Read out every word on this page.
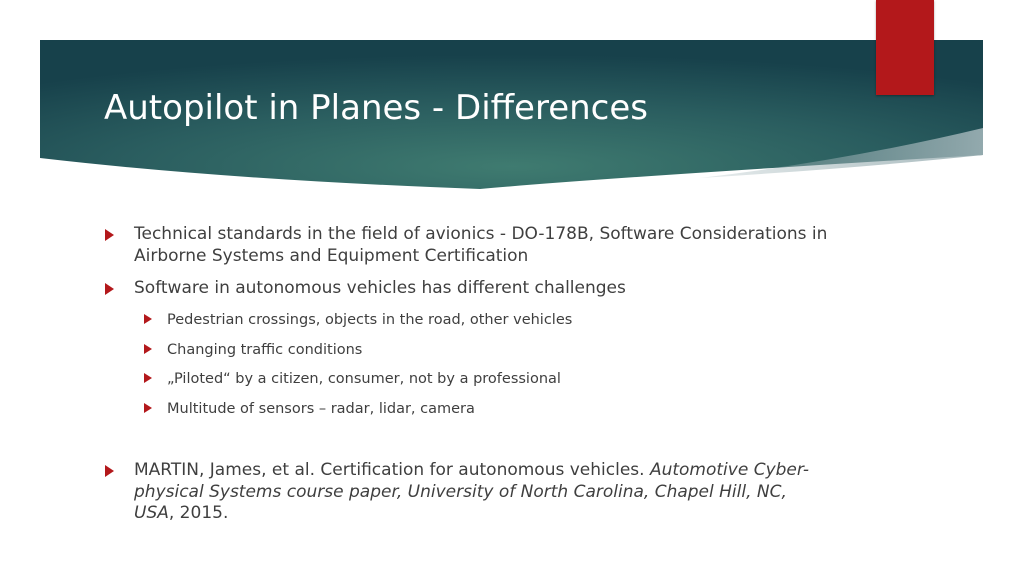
Autopilot in Planes - Differences
Technical standards in the field of avionics - DO-178B, Software Considerations in Airborne Systems and Equipment Certification
Software in autonomous vehicles has different challenges
Pedestrian crossings, objects in the road, other vehicles
Changing traffic conditions
„Piloted“ by a citizen, consumer, not by a professional
Multitude of sensors – radar, lidar, camera
MARTIN, James, et al. Certification for autonomous vehicles. Automotive Cyber-physical Systems course paper, University of North Carolina, Chapel Hill, NC, USA, 2015.
